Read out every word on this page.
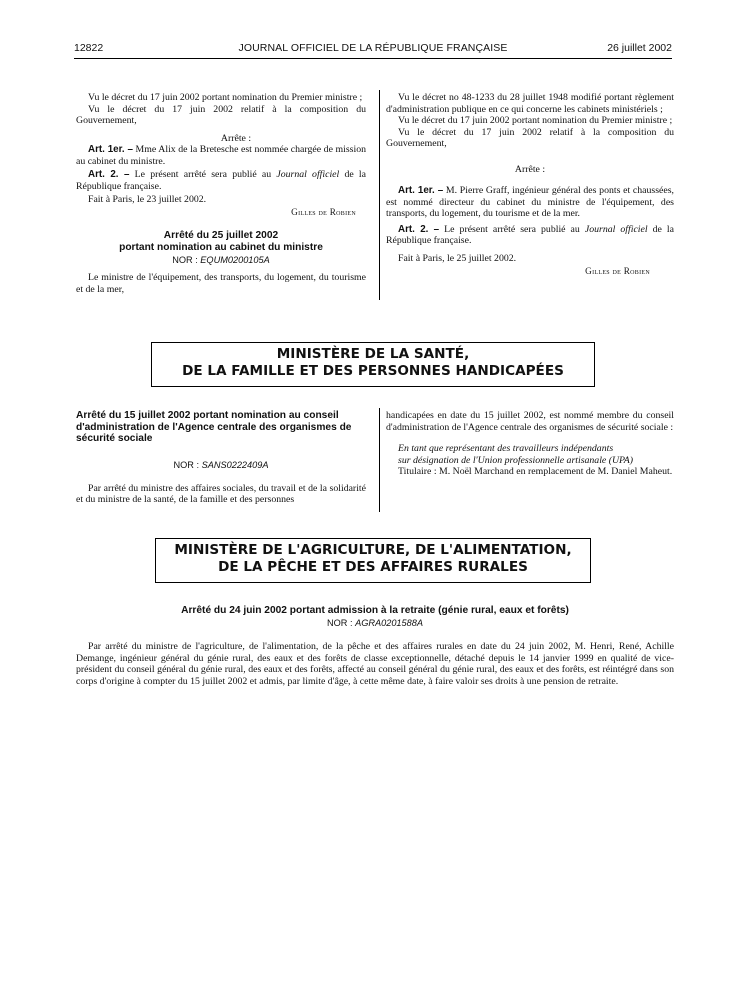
12822	JOURNAL OFFICIEL DE LA RÉPUBLIQUE FRANÇAISE	26 juillet 2002

Vu le décret du 17 juin 2002 portant nomination du Premier ministre ;

Vu le décret du 17 juin 2002 relatif à la composition du Gouvernement,

Arrête :

Art. 1er. – Mme Alix de la Bretesche est nommée chargée de mission au cabinet du ministre.

Art. 2. – Le présent arrêté sera publié au Journal officiel de la République française.

Fait à Paris, le 23 juillet 2002.

Gilles de Robien

Arrêté du 25 juillet 2002
portant nomination au cabinet du ministre
NOR : EQUM0200105A

Le ministre de l'équipement, des transports, du logement, du tourisme et de la mer,

Vu le décret no 48-1233 du 28 juillet 1948 modifié portant règlement d'administration publique en ce qui concerne les cabinets ministériels ;

Vu le décret du 17 juin 2002 portant nomination du Premier ministre ;

Vu le décret du 17 juin 2002 relatif à la composition du Gouvernement,

Arrête :

Art. 1er. – M. Pierre Graff, ingénieur général des ponts et chaussées, est nommé directeur du cabinet du ministre de l'équipement, des transports, du logement, du tourisme et de la mer.

Art. 2. – Le présent arrêté sera publié au Journal officiel de la République française.

Fait à Paris, le 25 juillet 2002.

Gilles de Robien

MINISTÈRE DE LA SANTÉ,
DE LA FAMILLE ET DES PERSONNES HANDICAPÉES
Arrêté du 15 juillet 2002 portant nomination au conseil d'administration de l'Agence centrale des organismes de sécurité sociale
NOR : SANS0222409A

Par arrêté du ministre des affaires sociales, du travail et de la solidarité et du ministre de la santé, de la famille et des personnes

handicapées en date du 15 juillet 2002, est nommé membre du conseil d'administration de l'Agence centrale des organismes de sécurité sociale :

En tant que représentant des travailleurs indépendants

sur désignation de l'Union professionnelle artisanale (UPA)

Titulaire : M. Noël Marchand en remplacement de M. Daniel Maheut.

MINISTÈRE DE L'AGRICULTURE, DE L'ALIMENTATION,
DE LA PÊCHE ET DES AFFAIRES RURALES
Arrêté du 24 juin 2002 portant admission à la retraite (génie rural, eaux et forêts)
NOR : AGRA0201588A

Par arrêté du ministre de l'agriculture, de l'alimentation, de la pêche et des affaires rurales en date du 24 juin 2002, M. Henri, René, Achille Demange, ingénieur général du génie rural, des eaux et des forêts de classe exceptionnelle, détaché depuis le 14 janvier 1999 en qualité de vice-président du conseil général du génie rural, des eaux et des forêts, affecté au conseil général du génie rural, des eaux et des forêts, est réintégré dans son corps d'origine à compter du 15 juillet 2002 et admis, par limite d'âge, à cette même date, à faire valoir ses droits à une pension de retraite.
